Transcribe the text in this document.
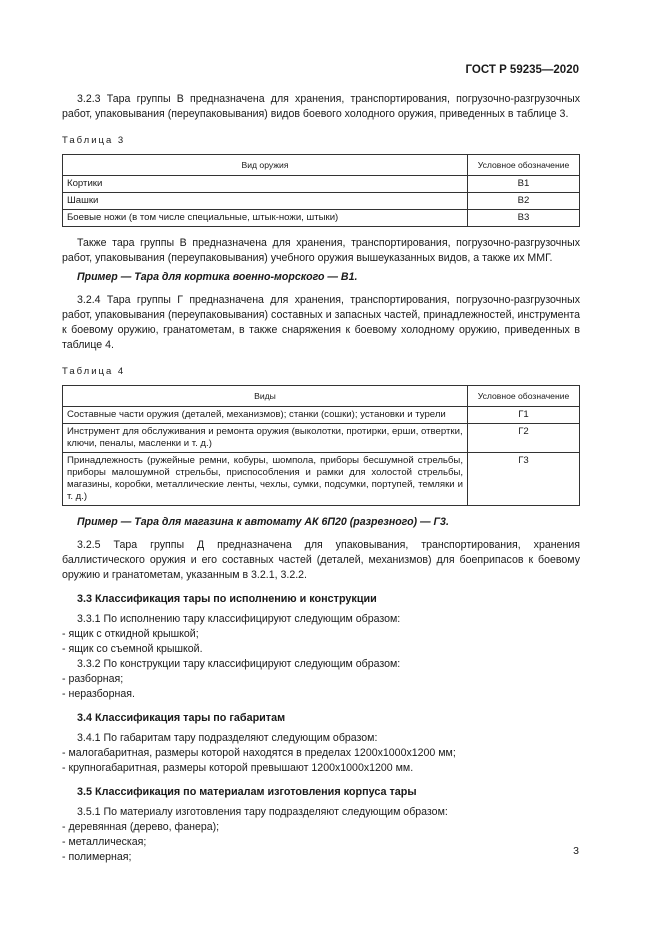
ГОСТ Р 59235—2020

3.2.3 Тара группы В предназначена для хранения, транспортирования, погрузочно-разгрузочных работ, упаковывания (переупаковывания) видов боевого холодного оружия, приведенных в таблице 3.

Таблица 3
Вид оружия	Условное обозначение
Кортики	В1
Шашки	В2
Боевые ножи (в том числе специальные, штык-ножи, штыки)	В3

Также тара группы В предназначена для хранения, транспортирования, погрузочно-разгрузочных работ, упаковывания (переупаковывания) учебного оружия вышеуказанных видов, а также их ММГ.

Пример — Тара для кортика военно-морского — В1.

3.2.4 Тара группы Г предназначена для хранения, транспортирования, погрузочно-разгрузочных работ, упаковывания (переупаковывания) составных и запасных частей, принадлежностей, инструмента к боевому оружию, гранатометам, в также снаряжения к боевому холодному оружию, приведенных в таблице 4.

Таблица 4
Виды	Условное обозначение
Составные части оружия (деталей, механизмов); станки (сошки); установки и турели	Г1
Инструмент для обслуживания и ремонта оружия (выколотки, протирки, ерши, отвертки, ключи, пеналы, масленки и т. д.)	Г2
Принадлежность (ружейные ремни, кобуры, шомпола, приборы бесшумной стрельбы, приборы малошумной стрельбы, приспособления и рамки для холостой стрельбы, магазины, коробки, металлические ленты, чехлы, сумки, подсумки, портупей, темляки и т. д.)	Г3

Пример — Тара для магазина к автомату АК 6П20 (разрезного) — Г3.

3.2.5 Тара группы Д предназначена для упаковывания, транспортирования, хранения баллистического оружия и его составных частей (деталей, механизмов) для боеприпасов к боевому оружию и гранатометам, указанным в 3.2.1, 3.2.2.

3.3 Классификация тары по исполнению и конструкции

3.3.1 По исполнению тару классифицируют следующим образом:

- ящик с откидной крышкой;

- ящик со съемной крышкой.

3.3.2 По конструкции тару классифицируют следующим образом:

- разборная;

- неразборная.

3.4 Классификация тары по габаритам

3.4.1 По габаритам тару подразделяют следующим образом:

- малогабаритная, размеры которой находятся в пределах 1200x1000x1200 мм;

- крупногабаритная, размеры которой превышают 1200x1000x1200 мм.

3.5 Классификация по материалам изготовления корпуса тары

3.5.1 По материалу изготовления тару подразделяют следующим образом:

- деревянная (дерево, фанера);

- металлическая;

- полимерная;	3
